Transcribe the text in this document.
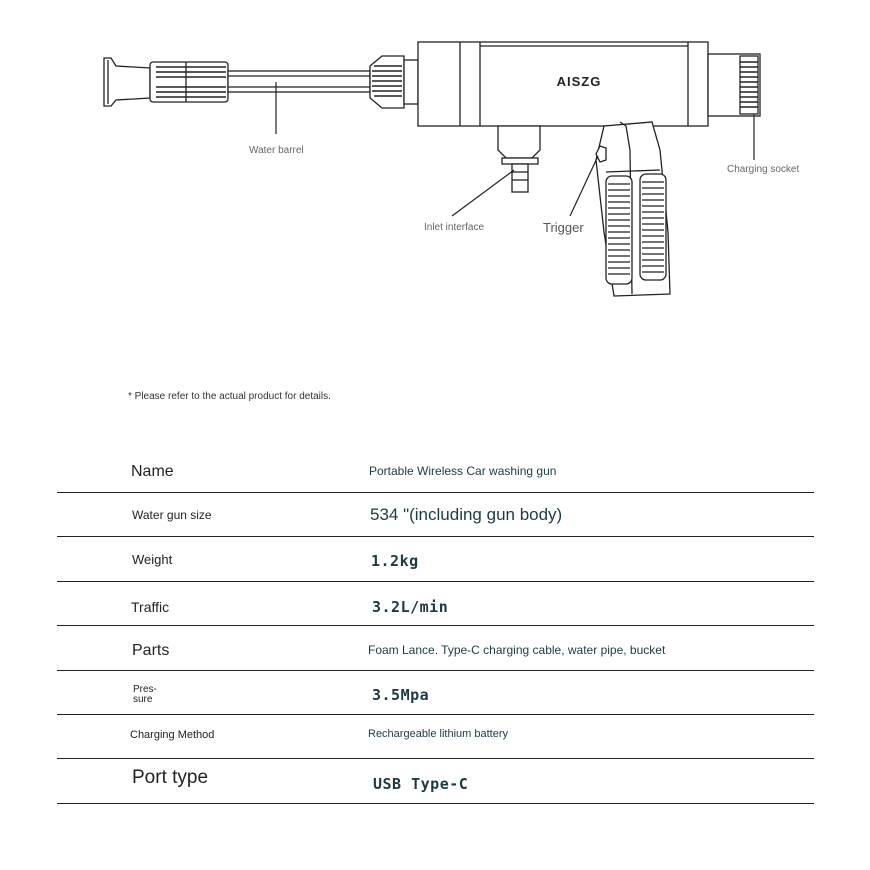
AISZG
Water barrel
Charging socket
Inlet interface	Trigger
* Please refer to the actual product for details.
Name	Portable Wireless Car washing gun
Water gun size	534 "(including gun body)
Weight	1.2kg
Traffic	3.2L/min
Parts	Foam Lance. Type-C charging cable, water pipe, bucket
Pres-
sure	3.5Mpa
Charging Method	Rechargeable lithium battery
Port type	USB Type-C
